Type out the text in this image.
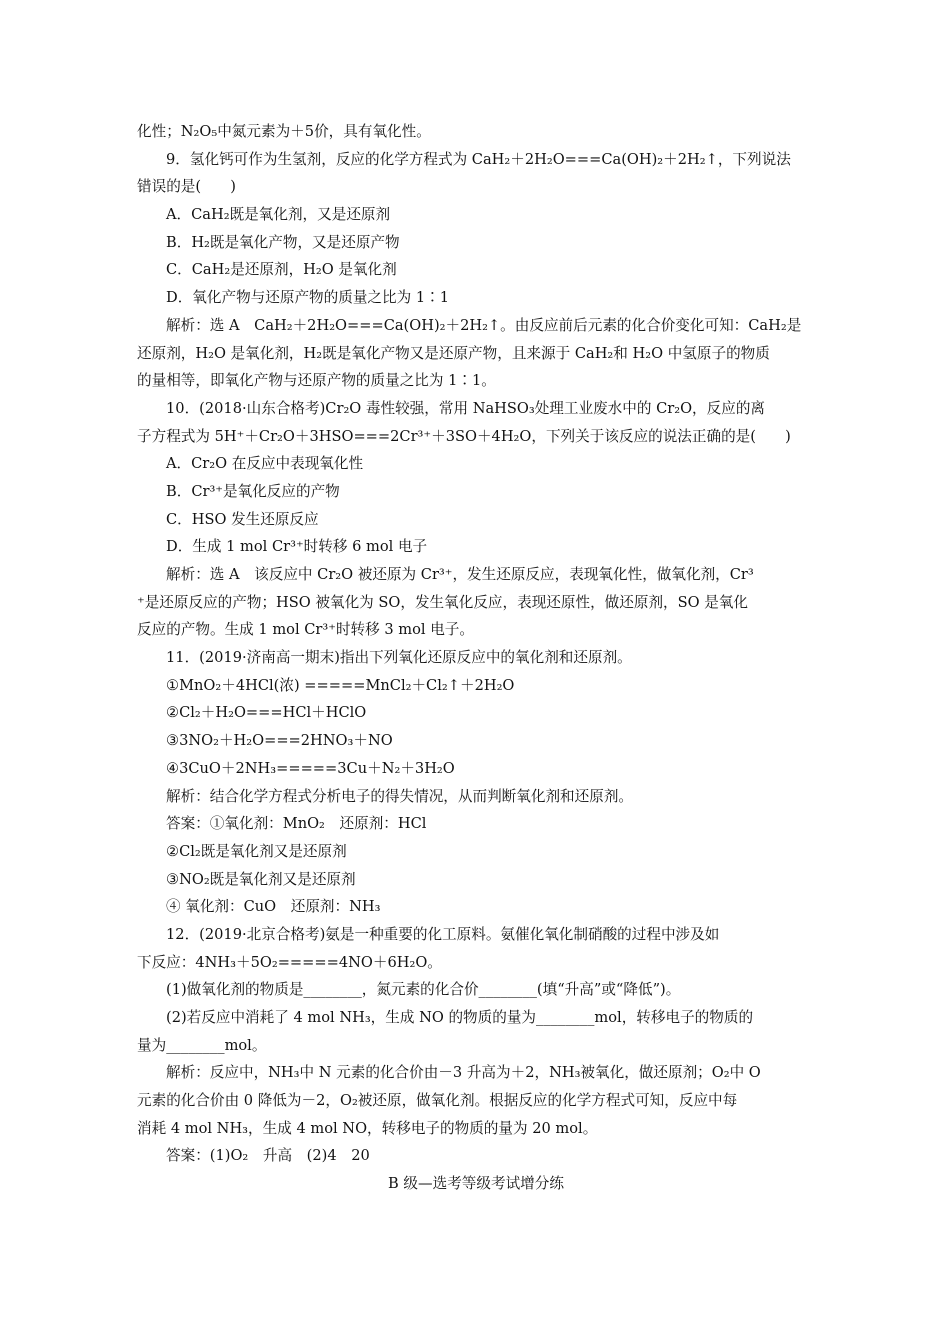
化性；N₂O₅中氮元素为＋5价，具有氧化性。
9．氢化钙可作为生氢剂，反应的化学方程式为 CaH₂＋2H₂O===Ca(OH)₂＋2H₂↑，下列说法
错误的是(　　)
A．CaH₂既是氧化剂，又是还原剂
B．H₂既是氧化产物，又是还原产物
C．CaH₂是还原剂，H₂O 是氧化剂
D．氧化产物与还原产物的质量之比为 1∶1
解析：选 A　CaH₂＋2H₂O===Ca(OH)₂＋2H₂↑。由反应前后元素的化合价变化可知：CaH₂是
还原剂，H₂O 是氧化剂，H₂既是氧化产物又是还原产物，且来源于 CaH₂和 H₂O 中氢原子的物质
的量相等，即氧化产物与还原产物的质量之比为 1∶1。
10．(2018·山东合格考)Cr₂O 毒性较强，常用 NaHSO₃处理工业废水中的 Cr₂O，反应的离
子方程式为 5H⁺＋Cr₂O＋3HSO===2Cr³⁺＋3SO＋4H₂O，下列关于该反应的说法正确的是(　　)
A．Cr₂O 在反应中表现氧化性
B．Cr³⁺是氧化反应的产物
C．HSO 发生还原反应
D．生成 1 mol Cr³⁺时转移 6 mol 电子
解析：选 A　该反应中 Cr₂O 被还原为 Cr³⁺，发生还原反应，表现氧化性，做氧化剂，Cr³
⁺是还原反应的产物；HSO 被氧化为 SO，发生氧化反应，表现还原性，做还原剂，SO 是氧化
反应的产物。生成 1 mol Cr³⁺时转移 3 mol 电子。
11．(2019·济南高一期末)指出下列氧化还原反应中的氧化剂和还原剂。
①MnO₂＋4HCl(浓) =====MnCl₂＋Cl₂↑＋2H₂O
②Cl₂＋H₂O===HCl＋HClO
③3NO₂＋H₂O===2HNO₃＋NO
④3CuO＋2NH₃=====3Cu＋N₂＋3H₂O
解析：结合化学方程式分析电子的得失情况，从而判断氧化剂和还原剂。
答案：①氧化剂：MnO₂　还原剂：HCl
②Cl₂既是氧化剂又是还原剂
③NO₂既是氧化剂又是还原剂
④ 氧化剂：CuO　还原剂：NH₃
12．(2019·北京合格考)氨是一种重要的化工原料。氨催化氧化制硝酸的过程中涉及如
下反应：4NH₃＋5O₂=====4NO＋6H₂O。
(1)做氧化剂的物质是________，氮元素的化合价________(填“升高”或“降低”)。
(2)若反应中消耗了 4 mol NH₃，生成 NO 的物质的量为________mol，转移电子的物质的
量为________mol。
解析：反应中，NH₃中 N 元素的化合价由－3 升高为＋2，NH₃被氧化，做还原剂；O₂中 O
元素的化合价由 0 降低为－2，O₂被还原，做氧化剂。根据反应的化学方程式可知，反应中每
消耗 4 mol NH₃，生成 4 mol NO，转移电子的物质的量为 20 mol。
答案：(1)O₂　升高　(2)4　20
B 级—选考等级考试增分练
